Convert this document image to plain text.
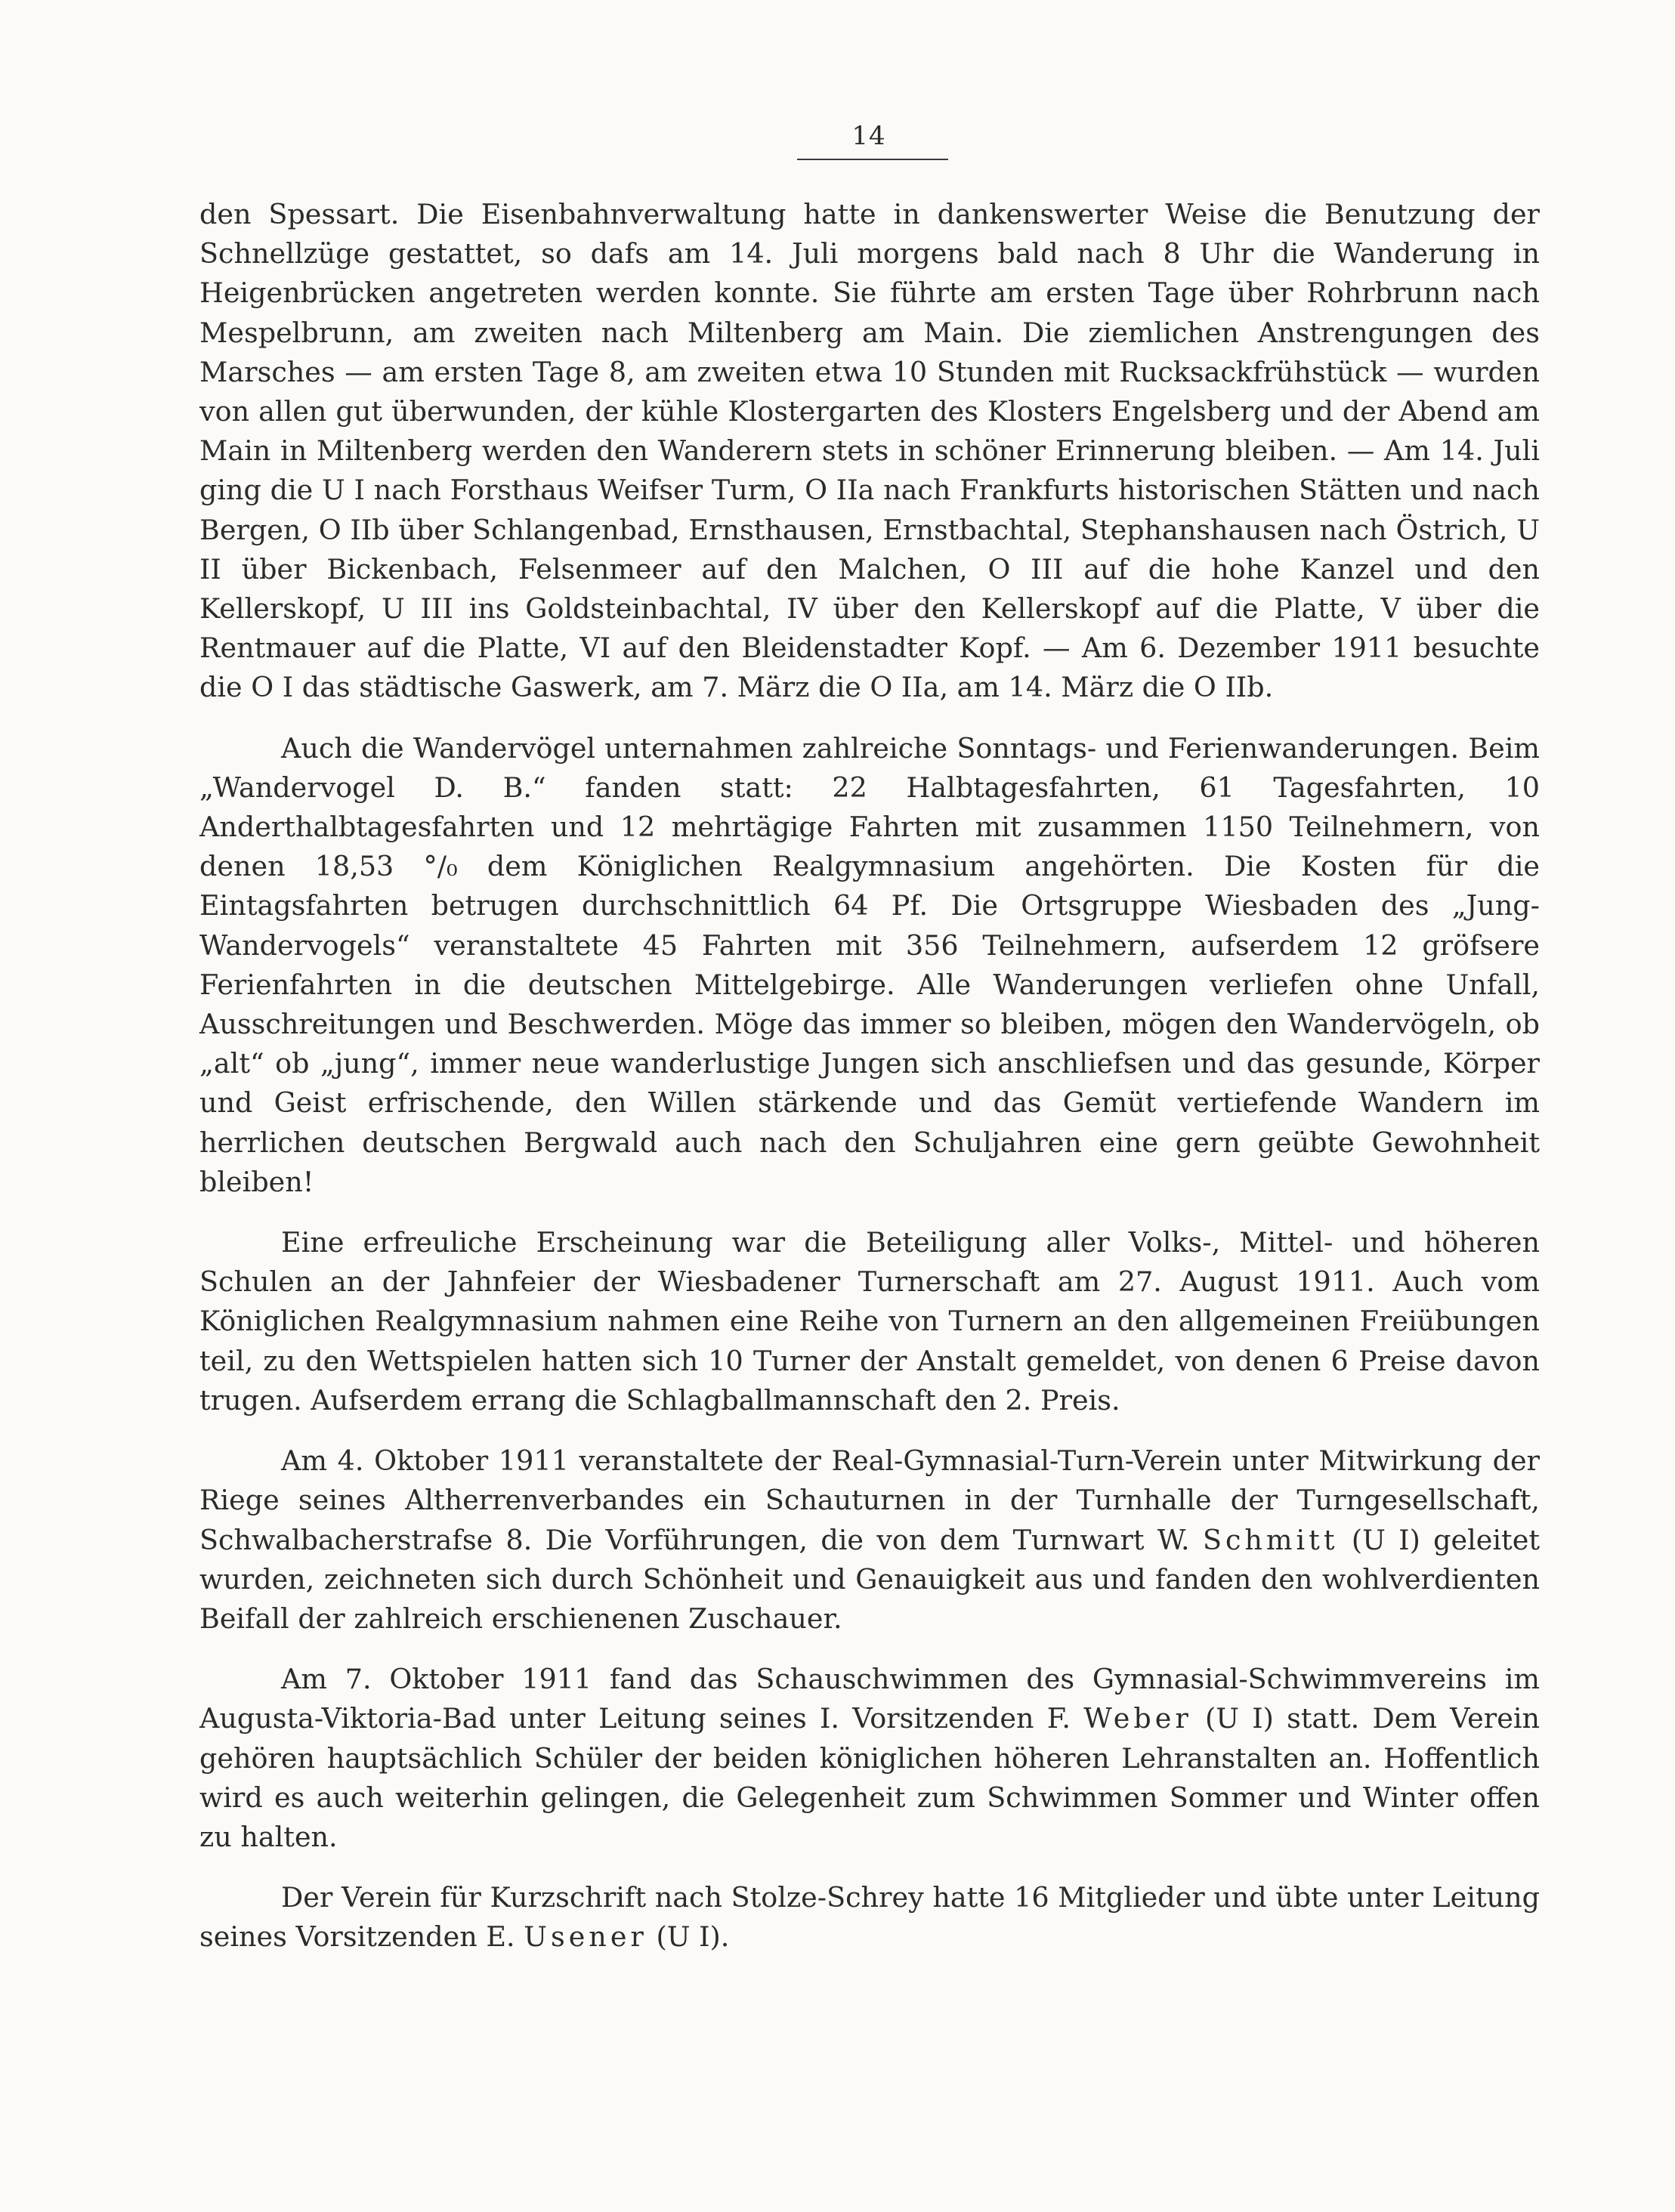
14

den Spessart. Die Eisenbahnverwaltung hatte in dankenswerter Weise die Benutzung der Schnellzüge gestattet, so dafs am 14. Juli morgens bald nach 8 Uhr die Wanderung in Heigenbrücken angetreten werden konnte. Sie führte am ersten Tage über Rohrbrunn nach Mespelbrunn, am zweiten nach Miltenberg am Main. Die ziemlichen Anstrengungen des Marsches — am ersten Tage 8, am zweiten etwa 10 Stunden mit Rucksackfrühstück — wurden von allen gut überwunden, der kühle Klostergarten des Klosters Engelsberg und der Abend am Main in Miltenberg werden den Wanderern stets in schöner Erinnerung bleiben. — Am 14. Juli ging die U I nach Forsthaus Weifser Turm, O IIa nach Frankfurts historischen Stätten und nach Bergen, O IIb über Schlangenbad, Ernsthausen, Ernstbachtal, Stephanshausen nach Östrich, U II über Bickenbach, Felsenmeer auf den Malchen, O III auf die hohe Kanzel und den Kellerskopf, U III ins Goldsteinbachtal, IV über den Kellerskopf auf die Platte, V über die Rentmauer auf die Platte, VI auf den Bleidenstadter Kopf. — Am 6. Dezember 1911 besuchte die O I das städtische Gaswerk, am 7. März die O IIa, am 14. März die O IIb.

Auch die Wandervögel unternahmen zahlreiche Sonntags- und Ferienwanderungen. Beim „Wandervogel D. B.“ fanden statt: 22 Halbtagesfahrten, 61 Tagesfahrten, 10 Anderthalbtagesfahrten und 12 mehrtägige Fahrten mit zusammen 1150 Teilnehmern, von denen 18,53 °/₀ dem Königlichen Realgymnasium angehörten. Die Kosten für die Eintagsfahrten betrugen durchschnittlich 64 Pf. Die Ortsgruppe Wiesbaden des „Jung-Wandervogels“ veranstaltete 45 Fahrten mit 356 Teilnehmern, aufserdem 12 gröfsere Ferienfahrten in die deutschen Mittelgebirge. Alle Wanderungen verliefen ohne Unfall, Ausschreitungen und Beschwerden. Möge das immer so bleiben, mögen den Wandervögeln, ob „alt“ ob „jung“, immer neue wanderlustige Jungen sich anschliefsen und das gesunde, Körper und Geist erfrischende, den Willen stärkende und das Gemüt vertiefende Wandern im herrlichen deutschen Bergwald auch nach den Schuljahren eine gern geübte Gewohnheit bleiben!

Eine erfreuliche Erscheinung war die Beteiligung aller Volks-, Mittel- und höheren Schulen an der Jahnfeier der Wiesbadener Turnerschaft am 27. August 1911. Auch vom Königlichen Realgymnasium nahmen eine Reihe von Turnern an den allgemeinen Freiübungen teil, zu den Wettspielen hatten sich 10 Turner der Anstalt gemeldet, von denen 6 Preise davon trugen. Aufserdem errang die Schlagballmannschaft den 2. Preis.

Am 4. Oktober 1911 veranstaltete der Real-Gymnasial-Turn-Verein unter Mitwirkung der Riege seines Altherrenverbandes ein Schauturnen in der Turnhalle der Turngesellschaft, Schwalbacherstrafse 8. Die Vorführungen, die von dem Turnwart W. Schmitt (U I) geleitet wurden, zeichneten sich durch Schönheit und Genauigkeit aus und fanden den wohlverdienten Beifall der zahlreich erschienenen Zuschauer.

Am 7. Oktober 1911 fand das Schauschwimmen des Gymnasial-Schwimmvereins im Augusta-Viktoria-Bad unter Leitung seines I. Vorsitzenden F. Weber (U I) statt. Dem Verein gehören hauptsächlich Schüler der beiden königlichen höheren Lehranstalten an. Hoffentlich wird es auch weiterhin gelingen, die Gelegenheit zum Schwimmen Sommer und Winter offen zu halten.

Der Verein für Kurzschrift nach Stolze-Schrey hatte 16 Mitglieder und übte unter Leitung seines Vorsitzenden E. Usener (U I).
